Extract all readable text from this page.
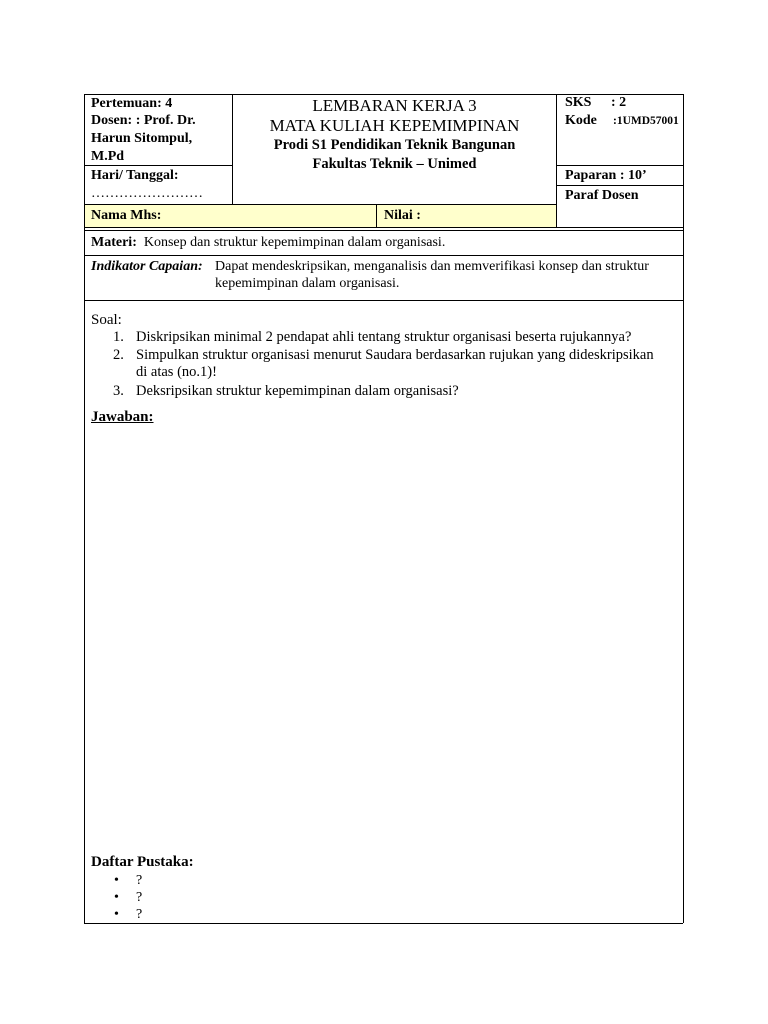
Pertemuan: 4
Dosen: : Prof. Dr.
Harun Sitompul,
M.Pd
Hari/ Tanggal:
……………………
LEMBARAN KERJA 3
MATA KULIAH KEPEMIMPINAN
Prodi S1 Pendidikan Teknik Bangunan
Fakultas Teknik – Unimed
SKS : 2
Kode :1UMD57001
Paparan : 10’
Paraf Dosen
Nama Mhs:	Nilai :
Materi: Konsep dan struktur kepemimpinan dalam organisasi.
Indikator Capaian: Dapat mendeskripsikan, menganalisis dan memverifikasi konsep dan struktur
kepemimpinan dalam organisasi.
Soal:
1. Diskripsikan minimal 2 pendapat ahli tentang struktur organisasi beserta rujukannya?
2. Simpulkan struktur organisasi menurut Saudara berdasarkan rujukan yang dideskripsikan
di atas (no.1)!
3. Deksripsikan struktur kepemimpinan dalam organisasi?
Jawaban:
Daftar Pustaka:
• ?
• ?
• ?
